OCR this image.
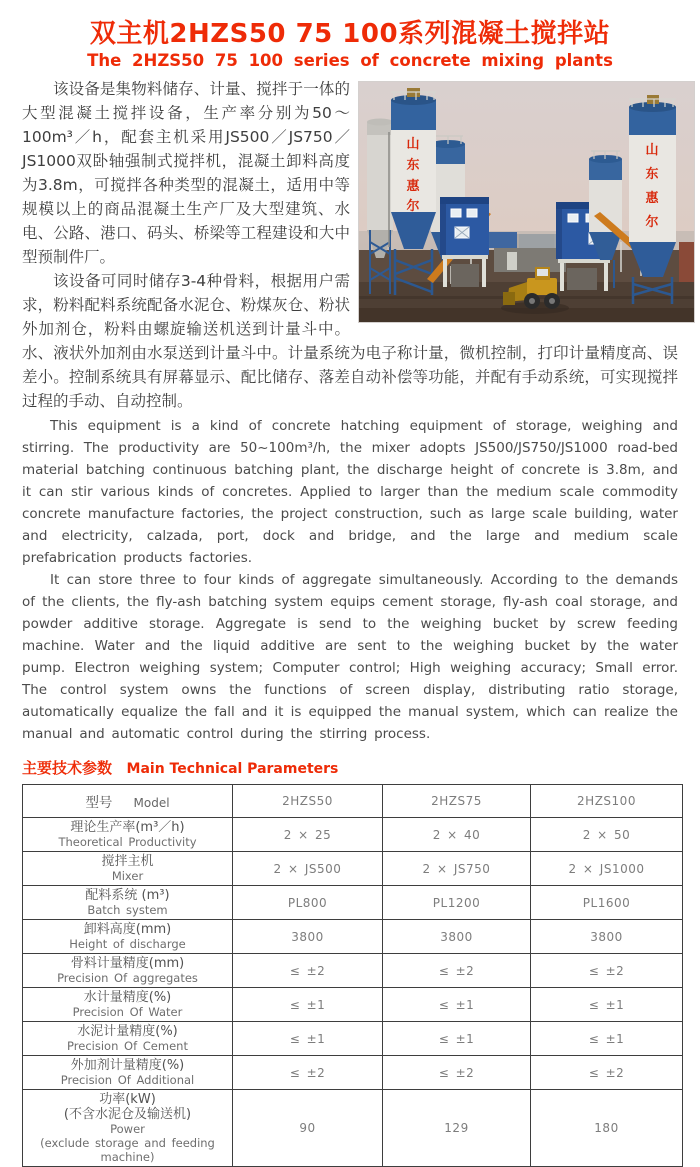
双主机2HZS50 75 100系列混凝土搅拌站
The 2HZS50 75 100 series of concrete mixing plants
山
东
惠
尔
山
东
惠
尔

该设备是集物料储存、计量、搅拌于一体的大型混凝土搅拌设备，生产率分别为50～100m³／h，配套主机采用JS500／JS750／JS1000双卧轴强制式搅拌机，混凝土卸料高度为3.8m，可搅拌各种类型的混凝土，适用中等规模以上的商品混凝土生产厂及大型建筑、水电、公路、港口、码头、桥梁等工程建设和大中型预制件厂。

该设备可同时储存3-4种骨料，根据用户需求，粉料配料系统配备水泥仓、粉煤灰仓、粉状外加剂仓，粉料由螺旋输送机送到计量斗中。水、液状外加剂由水泵送到计量斗中。计量系统为电子称计量，微机控制，打印计量精度高、误差小。控制系统具有屏幕显示、配比储存、落差自动补偿等功能，并配有手动系统，可实现搅拌过程的手动、自动控制。

This equipment is a kind of concrete hatching equipment of storage, weighing and stirring. The productivity are 50~100m³/h, the mixer adopts JS500/JS750/JS1000 road-bed material batching continuous batching plant, the discharge height of concrete is 3.8m, and it can stir various kinds of concretes. Applied to larger than the medium scale commodity concrete manufacture factories, the project construction, such as large scale building, water and electricity, calzada, port, dock and bridge, and the large and medium scale prefabrication products factories.

It can store three to four kinds of aggregate simultaneously. According to the demands of the clients, the fly-ash batching system equips cement storage, fly-ash coal storage, and powder additive storage. Aggregate is send to the weighing bucket by screw feeding machine. Water and the liquid additive are sent to the weighing bucket by the water pump. Electron weighing system; Computer control; High weighing accuracy; Small error. The control system owns the functions of screen display, distributing ratio storage, automatically equalize the fall and it is equipped the manual system, which can realize the manual and automatic control during the stirring process.

主要技术参数 Main Technical Parameters
型号 Model	2HZS50	2HZS75	2HZS100

理论生产率(m³／h)
Theoretical Productivity	2 × 25	2 × 40	2 × 50

搅拌主机
Mixer	2 × JS500	2 × JS750	2 × JS1000

配料系统 (m³)
Batch system	PL800	PL1200	PL1600

卸料高度(mm)
Height of discharge	3800	3800	3800

骨料计量精度(mm)
Precision Of aggregates	≤ ±2	≤ ±2	≤ ±2

水计量精度(%)
Precision Of Water	≤ ±1	≤ ±1	≤ ±1

水泥计量精度(%)
Precision Of Cement	≤ ±1	≤ ±1	≤ ±1

外加剂计量精度(%)
Precision Of Additional	≤ ±2	≤ ±2	≤ ±2

功率(kW)
(不含水泥仓及输送机)
Power
(exclude storage and feeding machine)	90	129	180
